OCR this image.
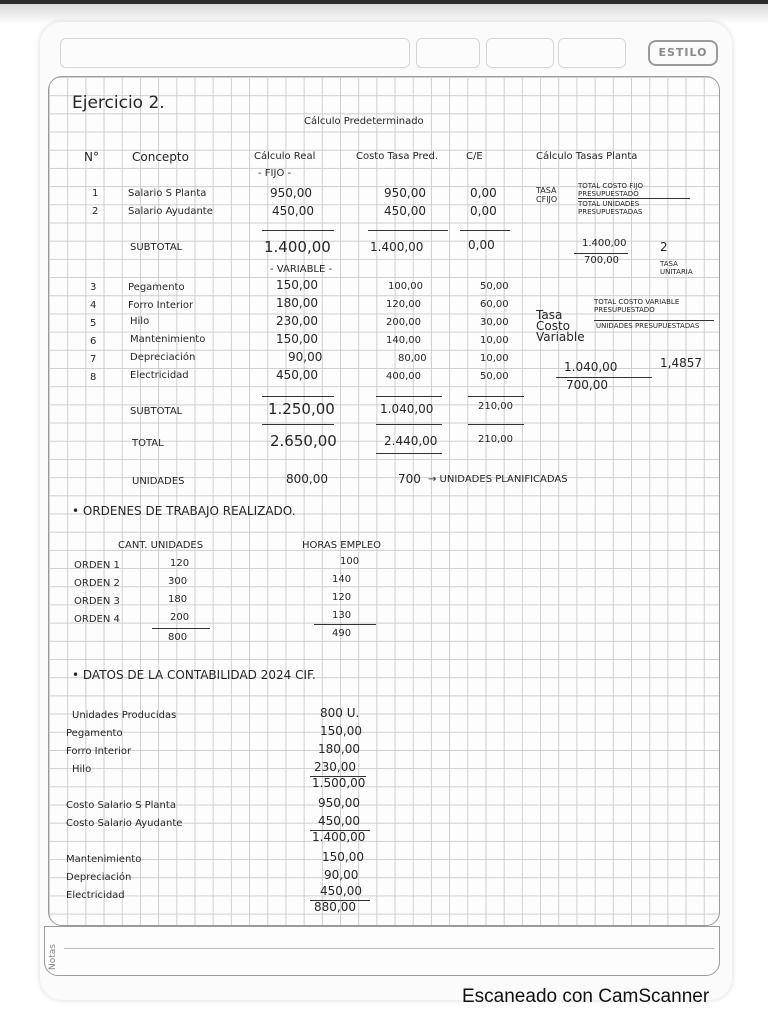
ESTILO
Ejercicio 2.
Cálculo Predeterminado
N°	Concepto	Cálculo Real	Costo Tasa Pred.	C/E	Cálculo Tasas Planta
- FIJO -
1	Salario S Planta	950,00	950,00	0,00
2	Salario Ayudante	450,00	450,00	0,00
SUBTOTAL	1.400,00	1.400,00	0,00
- VARIABLE -
3	Pegamento	150,00	100,00	50,00
4	Forro Interior	180,00	120,00	60,00
5	Hilo	230,00	200,00	30,00
6	Mantenimiento	150,00	140,00	10,00
7	Depreciación	90,00	80,00	10,00
8	Electricidad	450,00	400,00	50,00
SUBTOTAL	1.250,00	1.040,00	210,00
TOTAL	2.650,00	2.440,00	210,00
UNIDADES	800,00	700 → UNIDADES PLANIFICADAS
TASA CFIJO
TOTAL COSTO FIJO PRESUPUESTADO
TOTAL UNIDADES PRESUPUESTADAS
1.400,00
700,00
2
TASA UNITARIA
Tasa Costo Variable
TOTAL COSTO VARIABLE PRESUPUESTADO
UNIDADES PRESUPUESTADAS
1.040,00
700,00
1,4857
• ORDENES DE TRABAJO REALIZADO.
CANT. UNIDADES	HORAS EMPLEO
ORDEN 1	120	100
ORDEN 2	300	140
ORDEN 3	180	120
ORDEN 4	200	130
800	490
• DATOS DE LA CONTABILIDAD 2024 CIF.
Unidades Producidas	800 U.
Pegamento	150,00
Forro Interior	180,00
Hilo	230,00
1.500,00
Costo Salario S Planta	950,00
Costo Salario Ayudante	450,00
1.400,00
Mantenimiento	150,00
Depreciación	90,00
Electricidad	450,00
880,00
Notas
Escaneado con CamScanner
